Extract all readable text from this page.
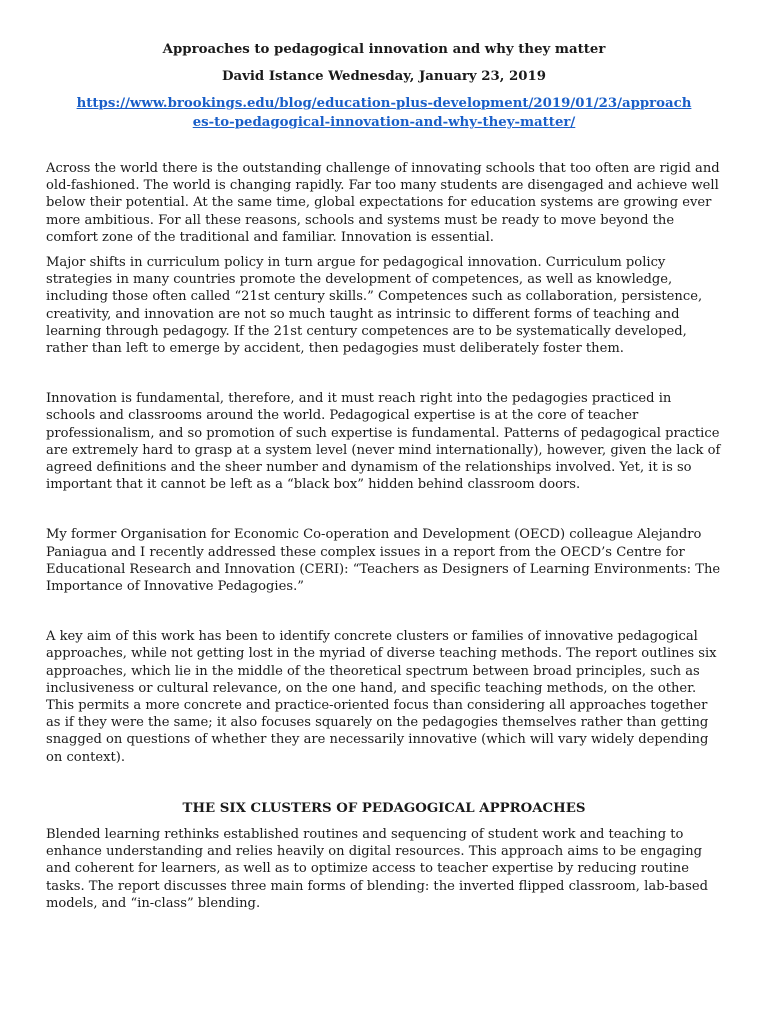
Approaches to pedagogical innovation and why they matter

David Istance Wednesday, January 23, 2019

https://www.brookings.edu/blog/education-plus-development/2019/01/23/approaches-to-pedagogical-innovation-and-why-they-matter/

Across the world there is the outstanding challenge of innovating schools that too often are rigid and old-fashioned. The world is changing rapidly. Far too many students are disengaged and achieve well below their potential. At the same time, global expectations for education systems are growing ever more ambitious. For all these reasons, schools and systems must be ready to move beyond the comfort zone of the traditional and familiar. Innovation is essential.

Major shifts in curriculum policy in turn argue for pedagogical innovation. Curriculum policy strategies in many countries promote the development of competences, as well as knowledge, including those often called “21st century skills.” Competences such as collaboration, persistence, creativity, and innovation are not so much taught as intrinsic to different forms of teaching and learning through pedagogy. If the 21st century competences are to be systematically developed, rather than left to emerge by accident, then pedagogies must deliberately foster them.

Innovation is fundamental, therefore, and it must reach right into the pedagogies practiced in schools and classrooms around the world. Pedagogical expertise is at the core of teacher professionalism, and so promotion of such expertise is fundamental. Patterns of pedagogical practice are extremely hard to grasp at a system level (never mind internationally), however, given the lack of agreed definitions and the sheer number and dynamism of the relationships involved. Yet, it is so important that it cannot be left as a “black box” hidden behind classroom doors.

My former Organisation for Economic Co-operation and Development (OECD) colleague Alejandro Paniagua and I recently addressed these complex issues in a report from the OECD’s Centre for Educational Research and Innovation (CERI): “Teachers as Designers of Learning Environments: The Importance of Innovative Pedagogies.”

A key aim of this work has been to identify concrete clusters or families of innovative pedagogical approaches, while not getting lost in the myriad of diverse teaching methods. The report outlines six approaches, which lie in the middle of the theoretical spectrum between broad principles, such as inclusiveness or cultural relevance, on the one hand, and specific teaching methods, on the other. This permits a more concrete and practice-oriented focus than considering all approaches together as if they were the same; it also focuses squarely on the pedagogies themselves rather than getting snagged on questions of whether they are necessarily innovative (which will vary widely depending on context).

THE SIX CLUSTERS OF PEDAGOGICAL APPROACHES

Blended learning rethinks established routines and sequencing of student work and teaching to enhance understanding and relies heavily on digital resources. This approach aims to be engaging and coherent for learners, as well as to optimize access to teacher expertise by reducing routine tasks. The report discusses three main forms of blending: the inverted flipped classroom, lab-based models, and “in-class” blending.
